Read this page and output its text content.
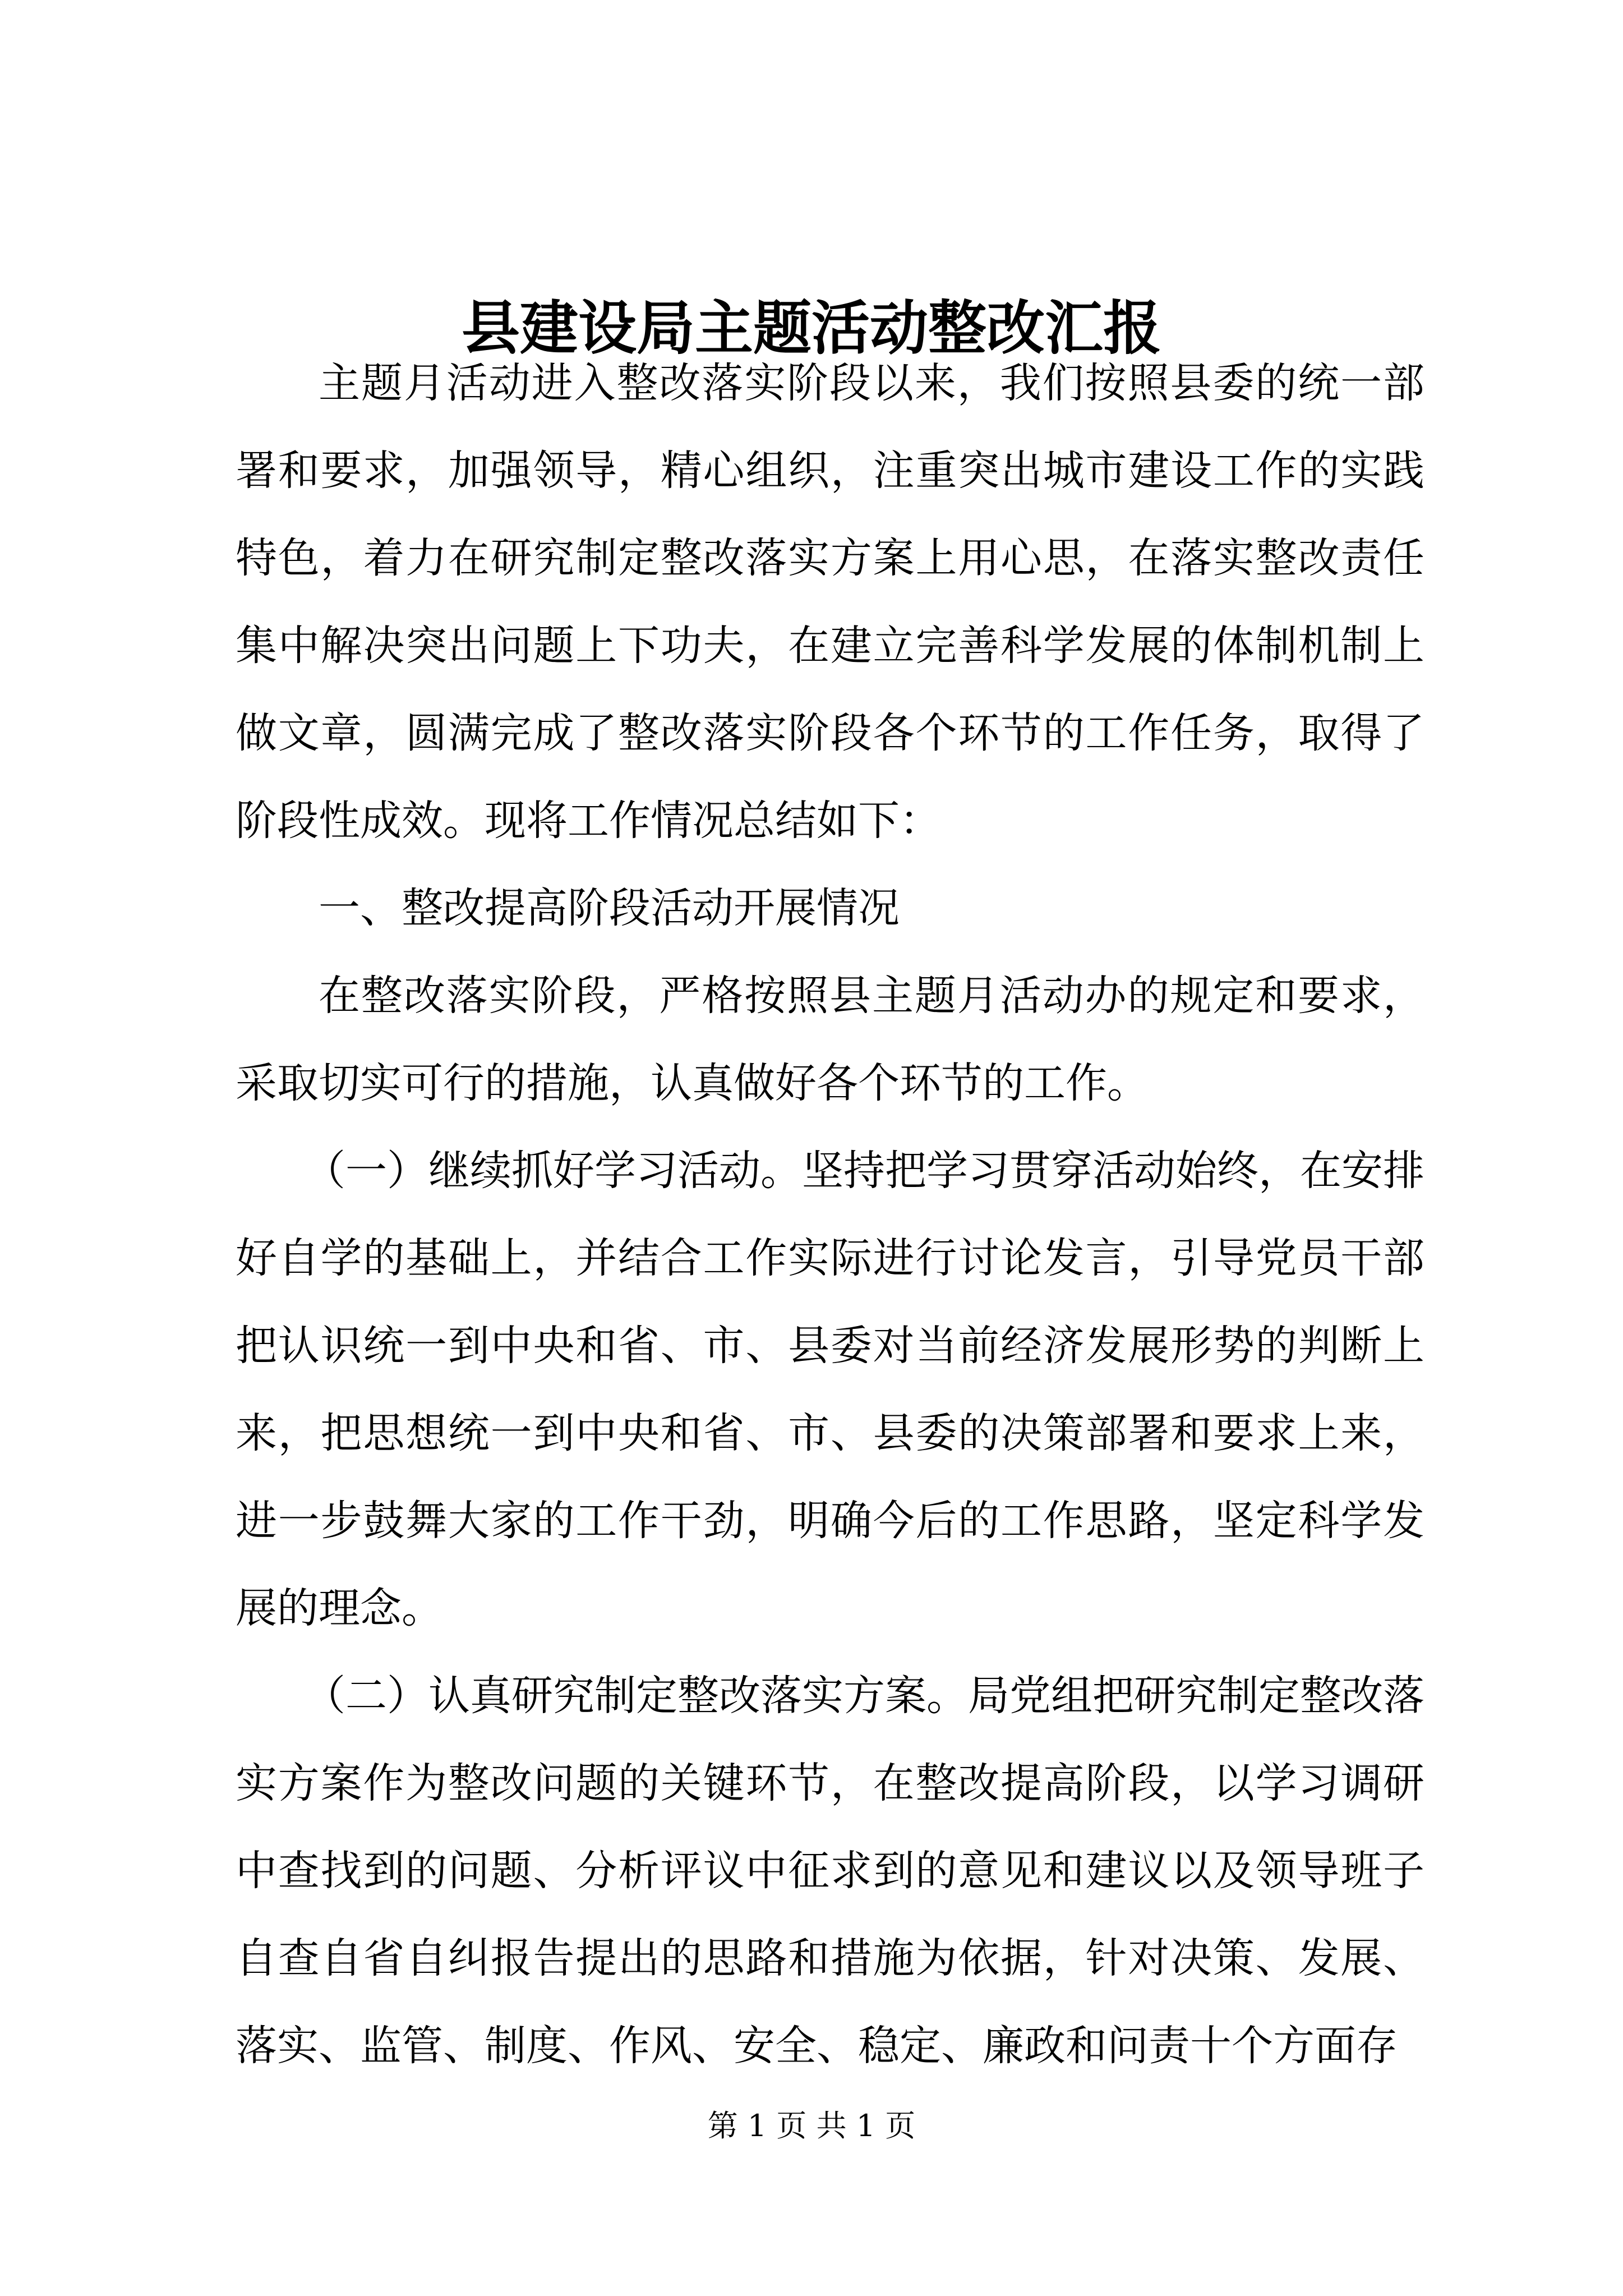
县建设局主题活动整改汇报

主题月活动进入整改落实阶段以来，我们按照县委的统一部署和要求，加强领导，精心组织，注重突出城市建设工作的实践特色，着力在研究制定整改落实方案上用心思，在落实整改责任集中解决突出问题上下功夫，在建立完善科学发展的体制机制上做文章，圆满完成了整改落实阶段各个环节的工作任务，取得了阶段性成效。现将工作情况总结如下：

一、整改提高阶段活动开展情况

在整改落实阶段，严格按照县主题月活动办的规定和要求，采取切实可行的措施，认真做好各个环节的工作。

（一）继续抓好学习活动。坚持把学习贯穿活动始终，在安排好自学的基础上，并结合工作实际进行讨论发言，引导党员干部把认识统一到中央和省、市、县委对当前经济发展形势的判断上来，把思想统一到中央和省、市、县委的决策部署和要求上来，进一步鼓舞大家的工作干劲，明确今后的工作思路，坚定科学发展的理念。

（二）认真研究制定整改落实方案。局党组把研究制定整改落实方案作为整改问题的关键环节，在整改提高阶段，以学习调研中查找到的问题、分析评议中征求到的意见和建议以及领导班子自查自省自纠报告提出的思路和措施为依据，针对决策、发展、落实、监管、制度、作风、安全、稳定、廉政和问责十个方面存

第 1 页 共 1 页
